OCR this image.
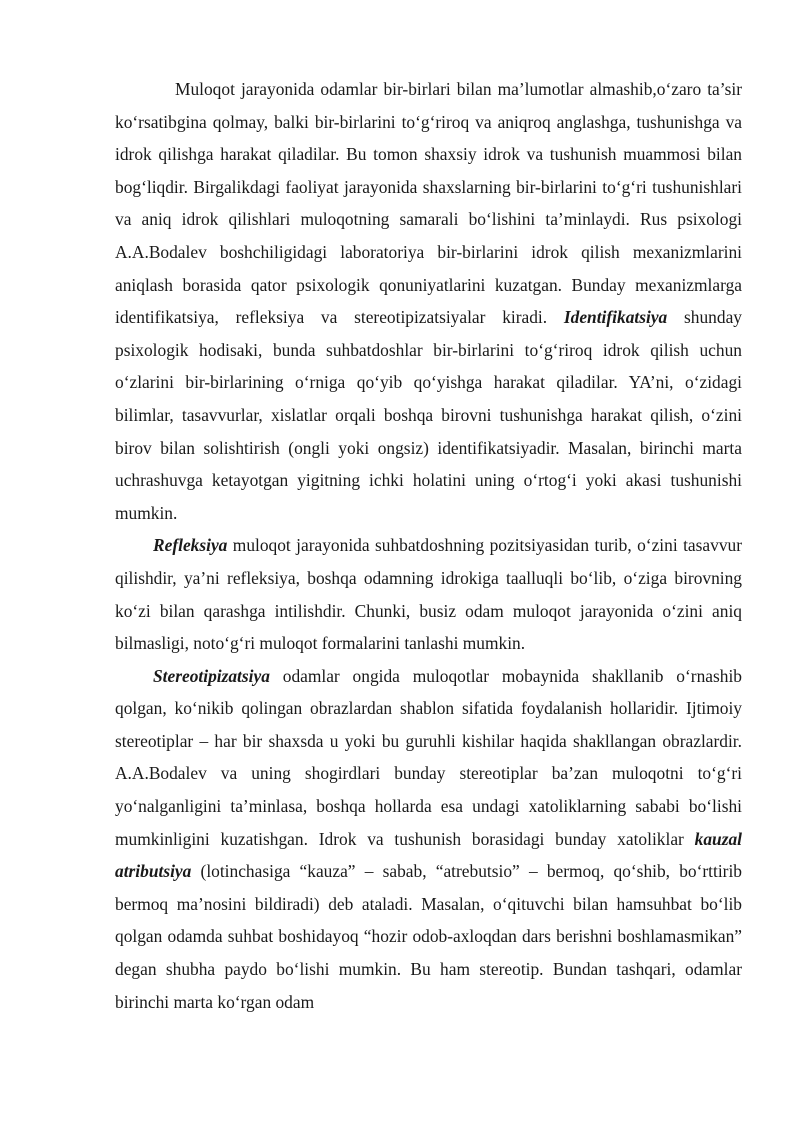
Muloqot jarayonida odamlar bir-birlari bilan ma’lumotlar almashib,o‘zaro ta’sir ko‘rsatibgina qolmay, balki bir-birlarini to‘g‘riroq va aniqroq anglashga, tushunishga va idrok qilishga harakat qiladilar. Bu tomon shaxsiy idrok va tushunish muammosi bilan bog‘liqdir. Birgalikdagi faoliyat jarayonida shaxslarning bir-birlarini to‘g‘ri tushunishlari va aniq idrok qilishlari muloqotning samarali bo‘lishini ta’minlaydi. Rus psixologi A.A.Bodalev boshchiligidagi laboratoriya bir-birlarini idrok qilish mexanizmlarini aniqlash borasida qator psixologik qonuniyatlarini kuzatgan. Bunday mexanizmlarga identifikatsiya, refleksiya va stereotipizatsiyalar kiradi. Identifikatsiya shunday psixologik hodisaki, bunda suhbatdoshlar bir-birlarini to‘g‘riroq idrok qilish uchun o‘zlarini bir-birlarining o‘rniga qo‘yib qo‘yishga harakat qiladilar. YA’ni, o‘zidagi bilimlar, tasavvurlar, xislatlar orqali boshqa birovni tushunishga harakat qilish, o‘zini birov bilan solishtirish (ongli yoki ongsiz) identifikatsiyadir. Masalan, birinchi marta uchrashuvga ketayotgan yigitning ichki holatini uning o‘rtog‘i yoki akasi tushunishi mumkin.

Refleksiya muloqot jarayonida suhbatdoshning pozitsiyasidan turib, o‘zini tasavvur qilishdir, ya’ni refleksiya, boshqa odamning idrokiga taalluqli bo‘lib, o‘ziga birovning ko‘zi bilan qarashga intilishdir. Chunki, busiz odam muloqot jarayonida o‘zini aniq bilmasligi, noto‘g‘ri muloqot formalarini tanlashi mumkin.

Stereotipizatsiya odamlar ongida muloqotlar mobaynida shakllanib o‘rnashib qolgan, ko‘nikib qolingan obrazlardan shablon sifatida foydalanish hollaridir. Ijtimoiy stereotiplar – har bir shaxsda u yoki bu guruhli kishilar haqida shakllangan obrazlardir. A.A.Bodalev va uning shogirdlari bunday stereotiplar ba’zan muloqotni to‘g‘ri yo‘nalganligini ta’minlasa, boshqa hollarda esa undagi xatoliklarning sababi bo‘lishi mumkinligini kuzatishgan. Idrok va tushunish borasidagi bunday xatoliklar kauzal atributsiya (lotinchasiga “kauza” – sabab, “atrebutsio” – bermoq, qo‘shib, bo‘rttirib bermoq ma’nosini bildiradi) deb ataladi. Masalan, o‘qituvchi bilan hamsuhbat bo‘lib qolgan odamda suhbat boshidayoq “hozir odob-axloqdan dars berishni boshlamasmikan” degan shubha paydo bo‘lishi mumkin. Bu ham stereotip. Bundan tashqari, odamlar birinchi marta ko‘rgan odam
